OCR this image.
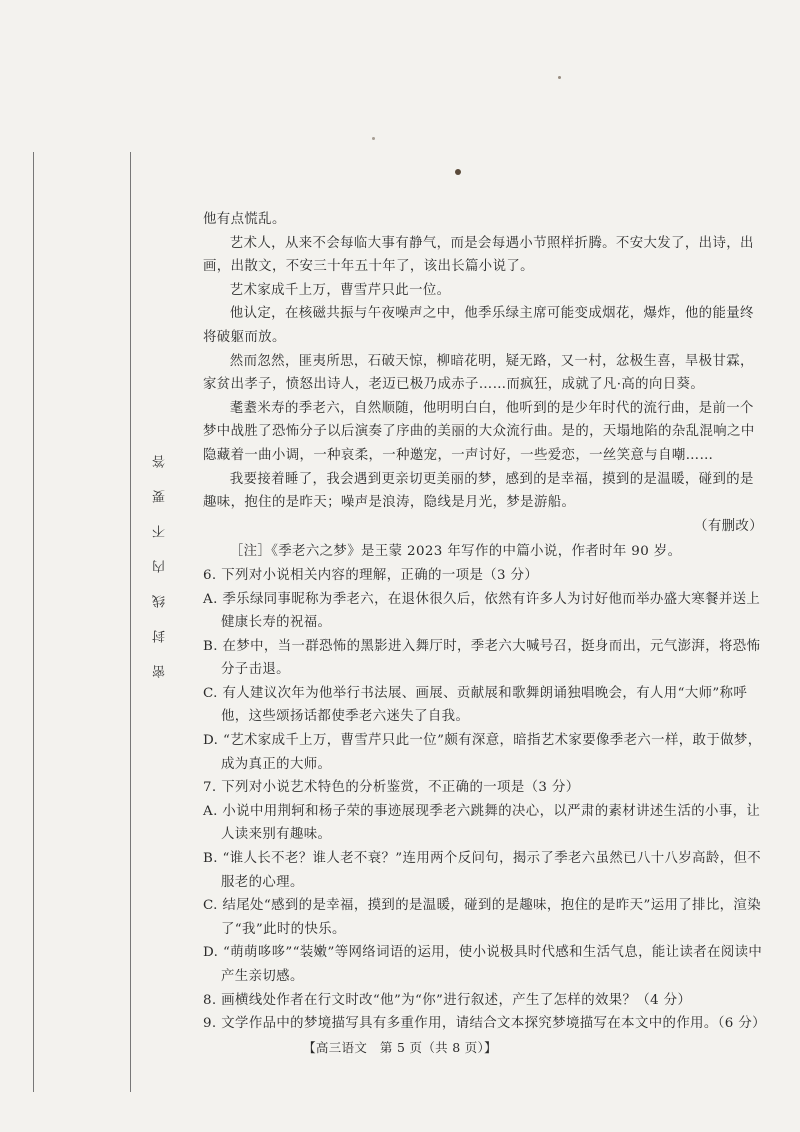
密
封
线
内
不
要
答

他有点慌乱。

艺术人，从来不会每临大事有静气，而是会每遇小节照样折腾。不安大发了，出诗，出画，出散文，不安三十年五十年了，该出长篇小说了。

艺术家成千上万，曹雪芹只此一位。

他认定，在核磁共振与午夜噪声之中，他季乐绿主席可能变成烟花，爆炸，他的能量终将破躯而放。

然而忽然，匪夷所思，石破天惊，柳暗花明，疑无路，又一村，忿极生喜，旱极甘霖，家贫出孝子，愤怒出诗人，老迈已极乃成赤子……而疯狂，成就了凡·高的向日葵。

耄耋米寿的季老六，自然顺随，他明明白白，他听到的是少年时代的流行曲，是前一个梦中战胜了恐怖分子以后演奏了序曲的美丽的大众流行曲。是的，天塌地陷的杂乱混响之中隐藏着一曲小调，一种哀柔，一种邀宠，一声讨好，一些爱恋，一丝笑意与自嘲……

我要接着睡了，我会遇到更亲切更美丽的梦，感到的是幸福，摸到的是温暖，碰到的是趣味，抱住的是昨天；噪声是浪涛，隐线是月光，梦是游船。

（有删改）

［注］《季老六之梦》是王蒙 2023 年写作的中篇小说，作者时年 90 岁。

6. 下列对小说相关内容的理解，正确的一项是（3 分）

A. 季乐绿同事昵称为季老六，在退休很久后，依然有许多人为讨好他而举办盛大寒餐并送上健康长寿的祝福。

B. 在梦中，当一群恐怖的黑影进入舞厅时，季老六大喊号召，挺身而出，元气澎湃，将恐怖分子击退。

C. 有人建议次年为他举行书法展、画展、贡献展和歌舞朗诵独唱晚会，有人用“大师”称呼他，这些颂扬话都使季老六迷失了自我。

D. “艺术家成千上万，曹雪芹只此一位”颇有深意，暗指艺术家要像季老六一样，敢于做梦，成为真正的大师。

7. 下列对小说艺术特色的分析鉴赏，不正确的一项是（3 分）

A. 小说中用荆轲和杨子荣的事迹展现季老六跳舞的决心，以严肃的素材讲述生活的小事，让人读来别有趣味。

B. “谁人长不老？谁人老不衰？”连用两个反问句，揭示了季老六虽然已八十八岁高龄，但不服老的心理。

C. 结尾处“感到的是幸福，摸到的是温暖，碰到的是趣味，抱住的是昨天”运用了排比，渲染了“我”此时的快乐。

D. “萌萌哆哆”“装嫩”等网络词语的运用，使小说极具时代感和生活气息，能让读者在阅读中产生亲切感。

8. 画横线处作者在行文时改“他”为“你”进行叙述，产生了怎样的效果？（4 分）

9. 文学作品中的梦境描写具有多重作用，请结合文本探究梦境描写在本文中的作用。（6 分）

【高三语文　第 5 页（共 8 页）】
